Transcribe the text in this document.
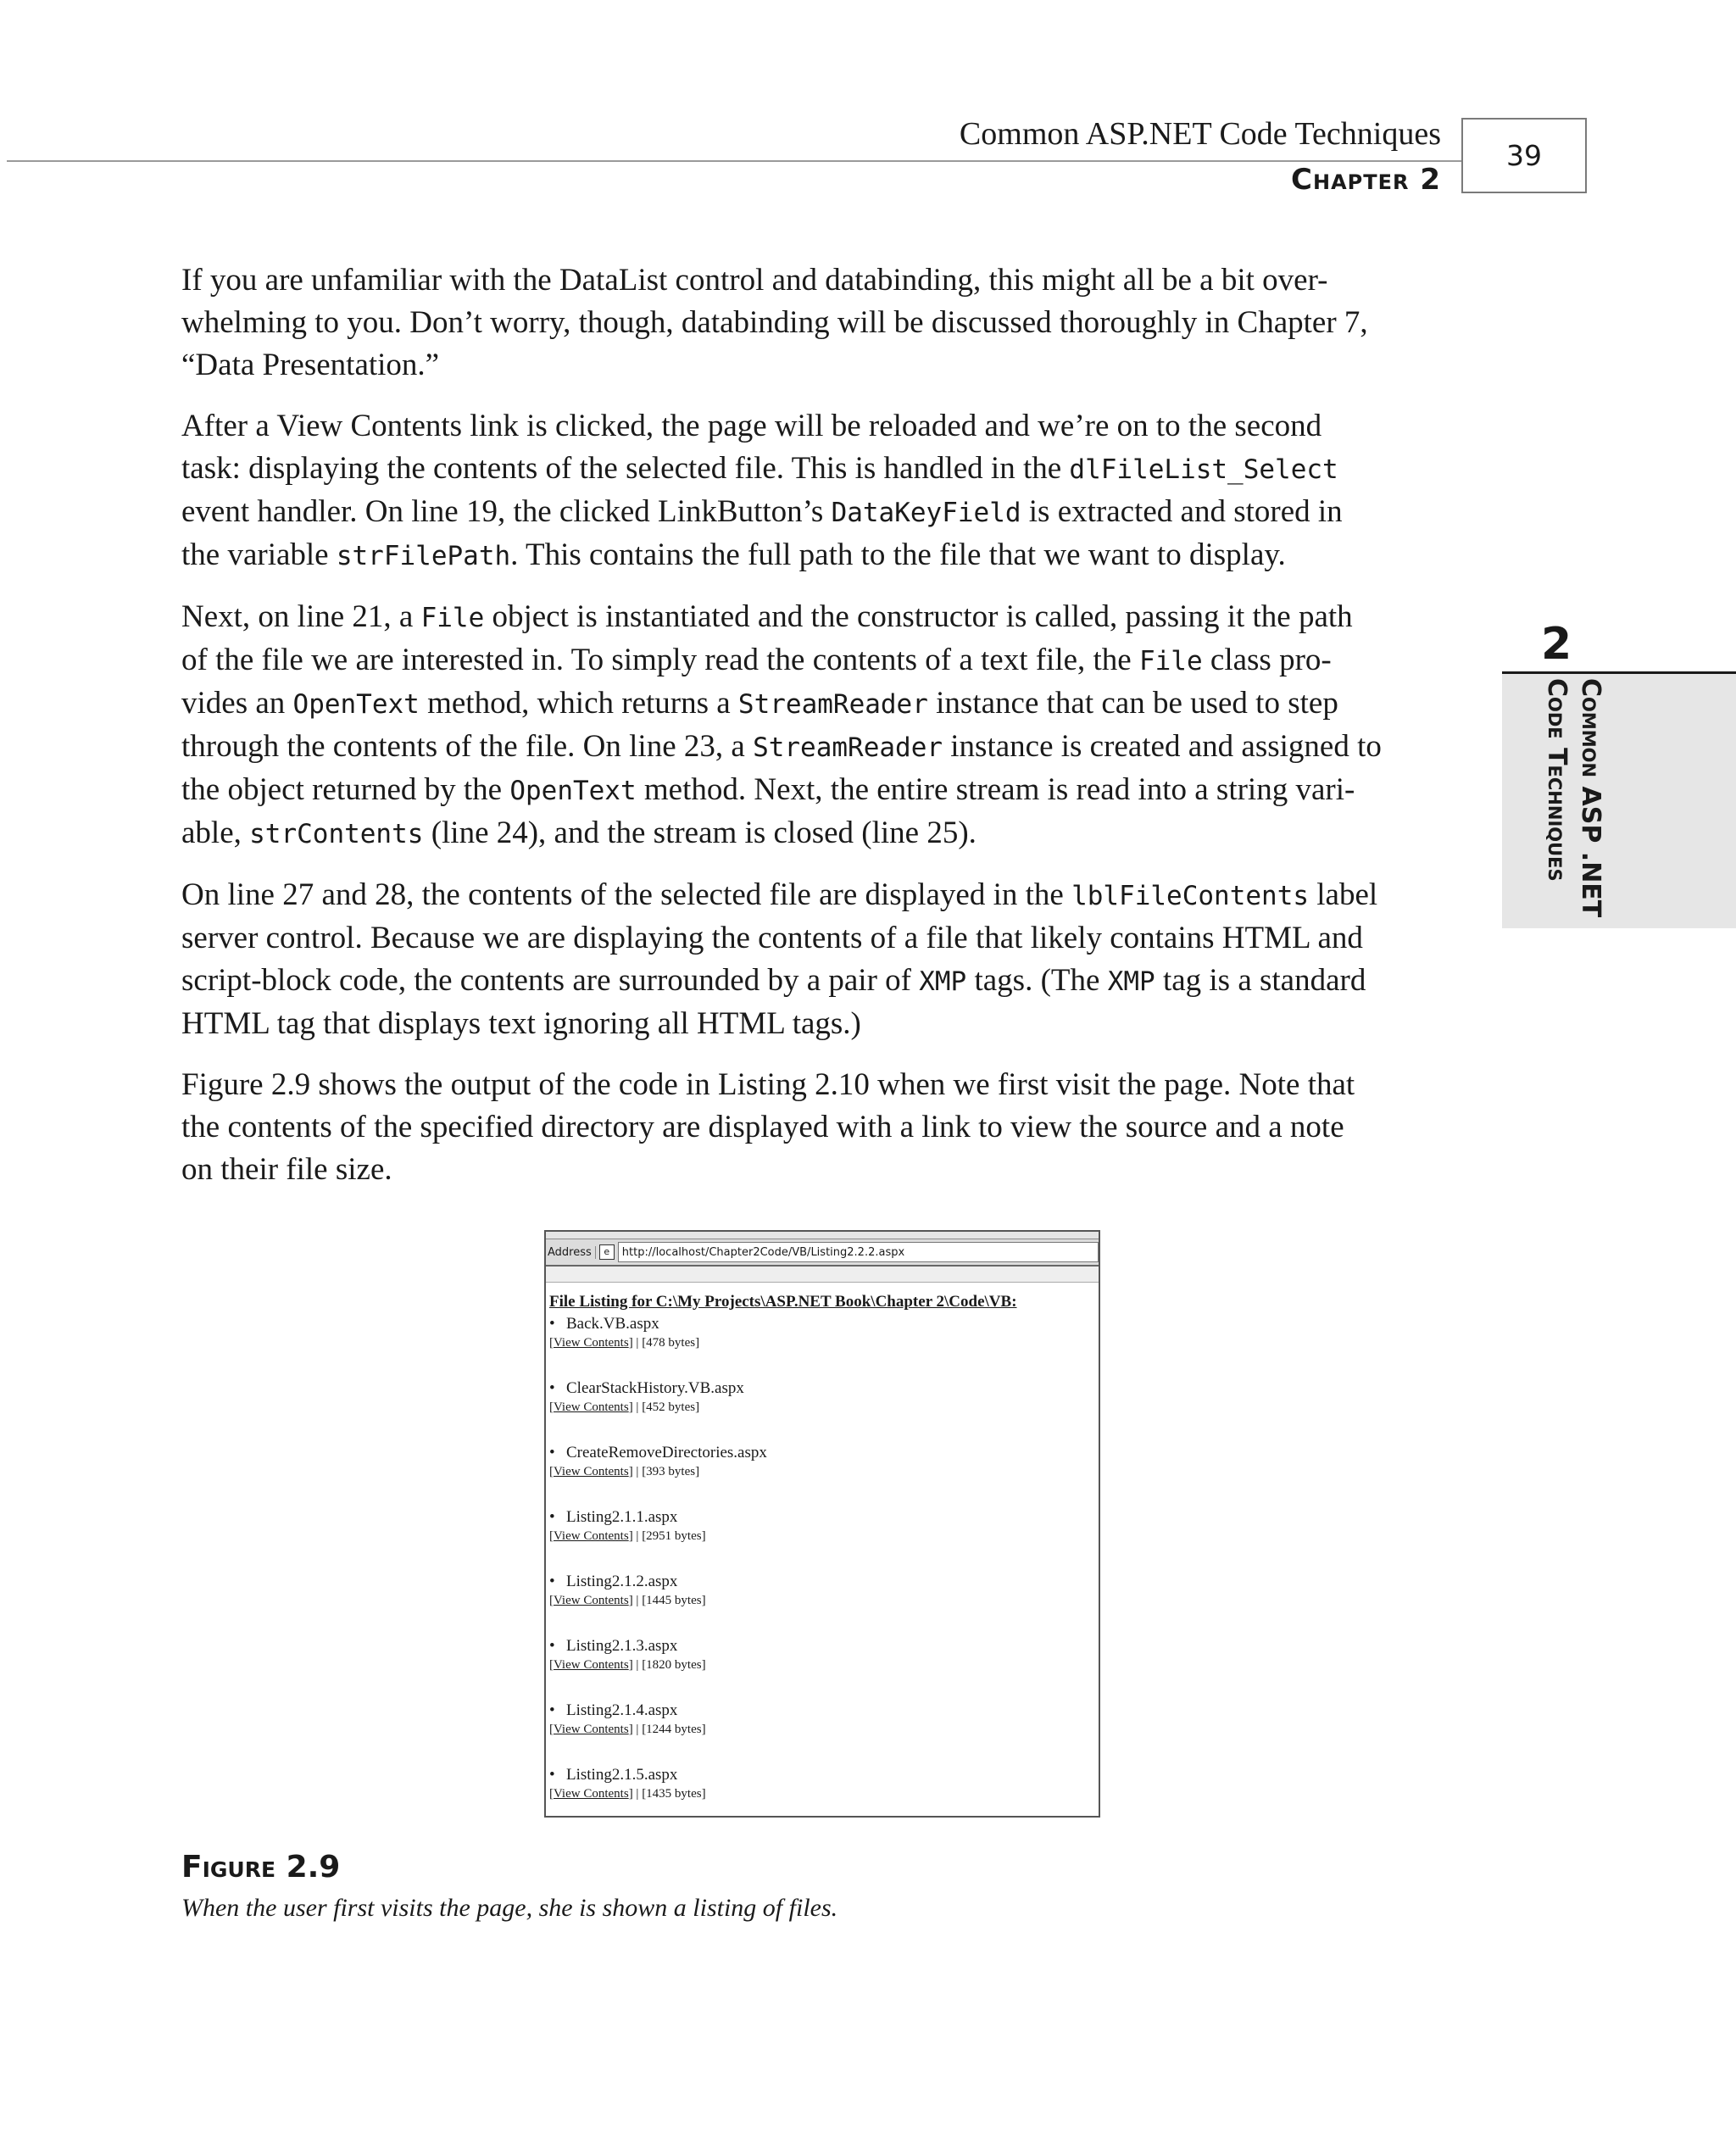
Common ASP.NET Code Techniques
Chapter 2
39
2
Common ASP .NET
Code Techniques

If you are unfamiliar with the DataList control and databinding, this might all be a bit over-
whelming to you. Don’t worry, though, databinding will be discussed thoroughly in Chapter 7,
“Data Presentation.”

After a View Contents link is clicked, the page will be reloaded and we’re on to the second
task: displaying the contents of the selected file. This is handled in the dlFileList_Select
event handler. On line 19, the clicked LinkButton’s DataKeyField is extracted and stored in
the variable strFilePath. This contains the full path to the file that we want to display.

Next, on line 21, a File object is instantiated and the constructor is called, passing it the path
of the file we are interested in. To simply read the contents of a text file, the File class pro-
vides an OpenText method, which returns a StreamReader instance that can be used to step
through the contents of the file. On line 23, a StreamReader instance is created and assigned to
the object returned by the OpenText method. Next, the entire stream is read into a string vari-
able, strContents (line 24), and the stream is closed (line 25).

On line 27 and 28, the contents of the selected file are displayed in the lblFileContents label
server control. Because we are displaying the contents of a file that likely contains HTML and
script-block code, the contents are surrounded by a pair of XMP tags. (The XMP tag is a standard
HTML tag that displays text ignoring all HTML tags.)

Figure 2.9 shows the output of the code in Listing 2.10 when we first visit the page. Note that
the contents of the specified directory are displayed with a link to view the source and a note
on their file size.

Address	e	http://localhost/Chapter2Code/VB/Listing2.2.2.aspx
File Listing for C:\My Projects\ASP.NET Book\Chapter 2\Code\VB:
• Back.VB.aspx
[View Contents] | [478 bytes]
• ClearStackHistory.VB.aspx
[View Contents] | [452 bytes]
• CreateRemoveDirectories.aspx
[View Contents] | [393 bytes]
• Listing2.1.1.aspx
[View Contents] | [2951 bytes]
• Listing2.1.2.aspx
[View Contents] | [1445 bytes]
• Listing2.1.3.aspx
[View Contents] | [1820 bytes]
• Listing2.1.4.aspx
[View Contents] | [1244 bytes]
• Listing2.1.5.aspx
[View Contents] | [1435 bytes]
Figure 2.9
When the user first visits the page, she is shown a listing of files.
